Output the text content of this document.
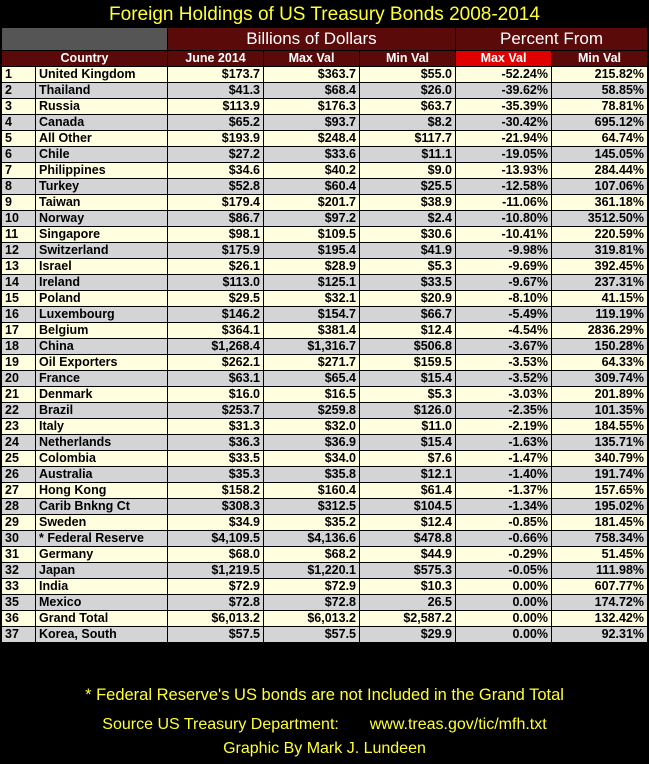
Foreign Holdings of US Treasury Bonds 2008-2014
		Billions of Dollars			Percent From	
Country		June 2014	Max Val	Min Val	Max Val	Min Val
1	United Kingdom	$173.7	$363.7	$55.0	-52.24%	215.82%
2	Thailand	$41.3	$68.4	$26.0	-39.62%	58.85%
3	Russia	$113.9	$176.3	$63.7	-35.39%	78.81%
4	Canada	$65.2	$93.7	$8.2	-30.42%	695.12%
5	All Other	$193.9	$248.4	$117.7	-21.94%	64.74%
6	Chile	$27.2	$33.6	$11.1	-19.05%	145.05%
7	Philippines	$34.6	$40.2	$9.0	-13.93%	284.44%
8	Turkey	$52.8	$60.4	$25.5	-12.58%	107.06%
9	Taiwan	$179.4	$201.7	$38.9	-11.06%	361.18%
10	Norway	$86.7	$97.2	$2.4	-10.80%	3512.50%
11	Singapore	$98.1	$109.5	$30.6	-10.41%	220.59%
12	Switzerland	$175.9	$195.4	$41.9	-9.98%	319.81%
13	Israel	$26.1	$28.9	$5.3	-9.69%	392.45%
14	Ireland	$113.0	$125.1	$33.5	-9.67%	237.31%
15	Poland	$29.5	$32.1	$20.9	-8.10%	41.15%
16	Luxembourg	$146.2	$154.7	$66.7	-5.49%	119.19%
17	Belgium	$364.1	$381.4	$12.4	-4.54%	2836.29%
18	China	$1,268.4	$1,316.7	$506.8	-3.67%	150.28%
19	Oil Exporters	$262.1	$271.7	$159.5	-3.53%	64.33%
20	France	$63.1	$65.4	$15.4	-3.52%	309.74%
21	Denmark	$16.0	$16.5	$5.3	-3.03%	201.89%
22	Brazil	$253.7	$259.8	$126.0	-2.35%	101.35%
23	Italy	$31.3	$32.0	$11.0	-2.19%	184.55%
24	Netherlands	$36.3	$36.9	$15.4	-1.63%	135.71%
25	Colombia	$33.5	$34.0	$7.6	-1.47%	340.79%
26	Australia	$35.3	$35.8	$12.1	-1.40%	191.74%
27	Hong Kong	$158.2	$160.4	$61.4	-1.37%	157.65%
28	Carib Bnkng Ct	$308.3	$312.5	$104.5	-1.34%	195.02%
29	Sweden	$34.9	$35.2	$12.4	-0.85%	181.45%
30	* Federal Reserve	$4,109.5	$4,136.6	$478.8	-0.66%	758.34%
31	Germany	$68.0	$68.2	$44.9	-0.29%	51.45%
32	Japan	$1,219.5	$1,220.1	$575.3	-0.05%	111.98%
33	India	$72.9	$72.9	$10.3	0.00%	607.77%
35	Mexico	$72.8	$72.8	26.5	0.00%	174.72%
36	Grand Total	$6,013.2	$6,013.2	$2,587.2	0.00%	132.42%
37	Korea, South	$57.5	$57.5	$29.9	0.00%	92.31%
* Federal Reserve's US bonds are not Included in the Grand Total
Source US Treasury Department: www.treas.gov/tic/mfh.txt
Graphic By Mark J. Lundeen
